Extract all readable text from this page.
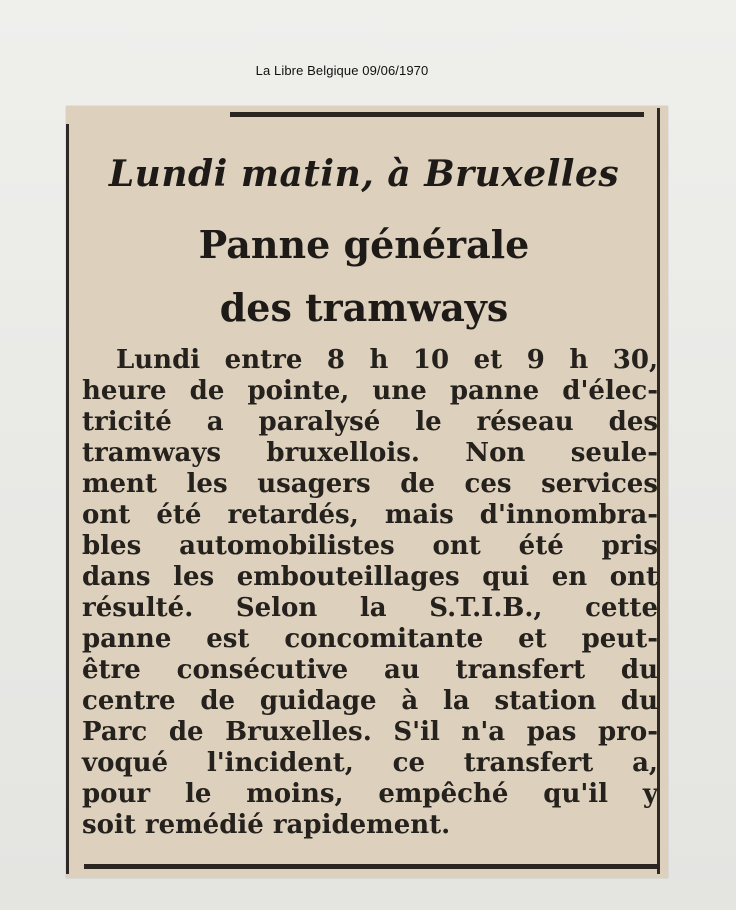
La Libre Belgique 09/06/1970
Lundi matin, à Bruxelles
Panne générale
des tramways
Lundi entre 8 h 10 et 9 h 30,
heure de pointe, une panne d'élec-
tricité a paralysé le réseau des
tramways bruxellois. Non seule-
ment les usagers de ces services
ont été retardés, mais d'innombra-
bles automobilistes ont été pris
dans les embouteillages qui en ont
résulté. Selon la S.T.I.B., cette
panne est concomitante et peut-
être consécutive au transfert du
centre de guidage à la station du
Parc de Bruxelles. S'il n'a pas pro-
voqué l'incident, ce transfert a,
pour le moins, empêché qu'il y
soit remédié rapidement.
